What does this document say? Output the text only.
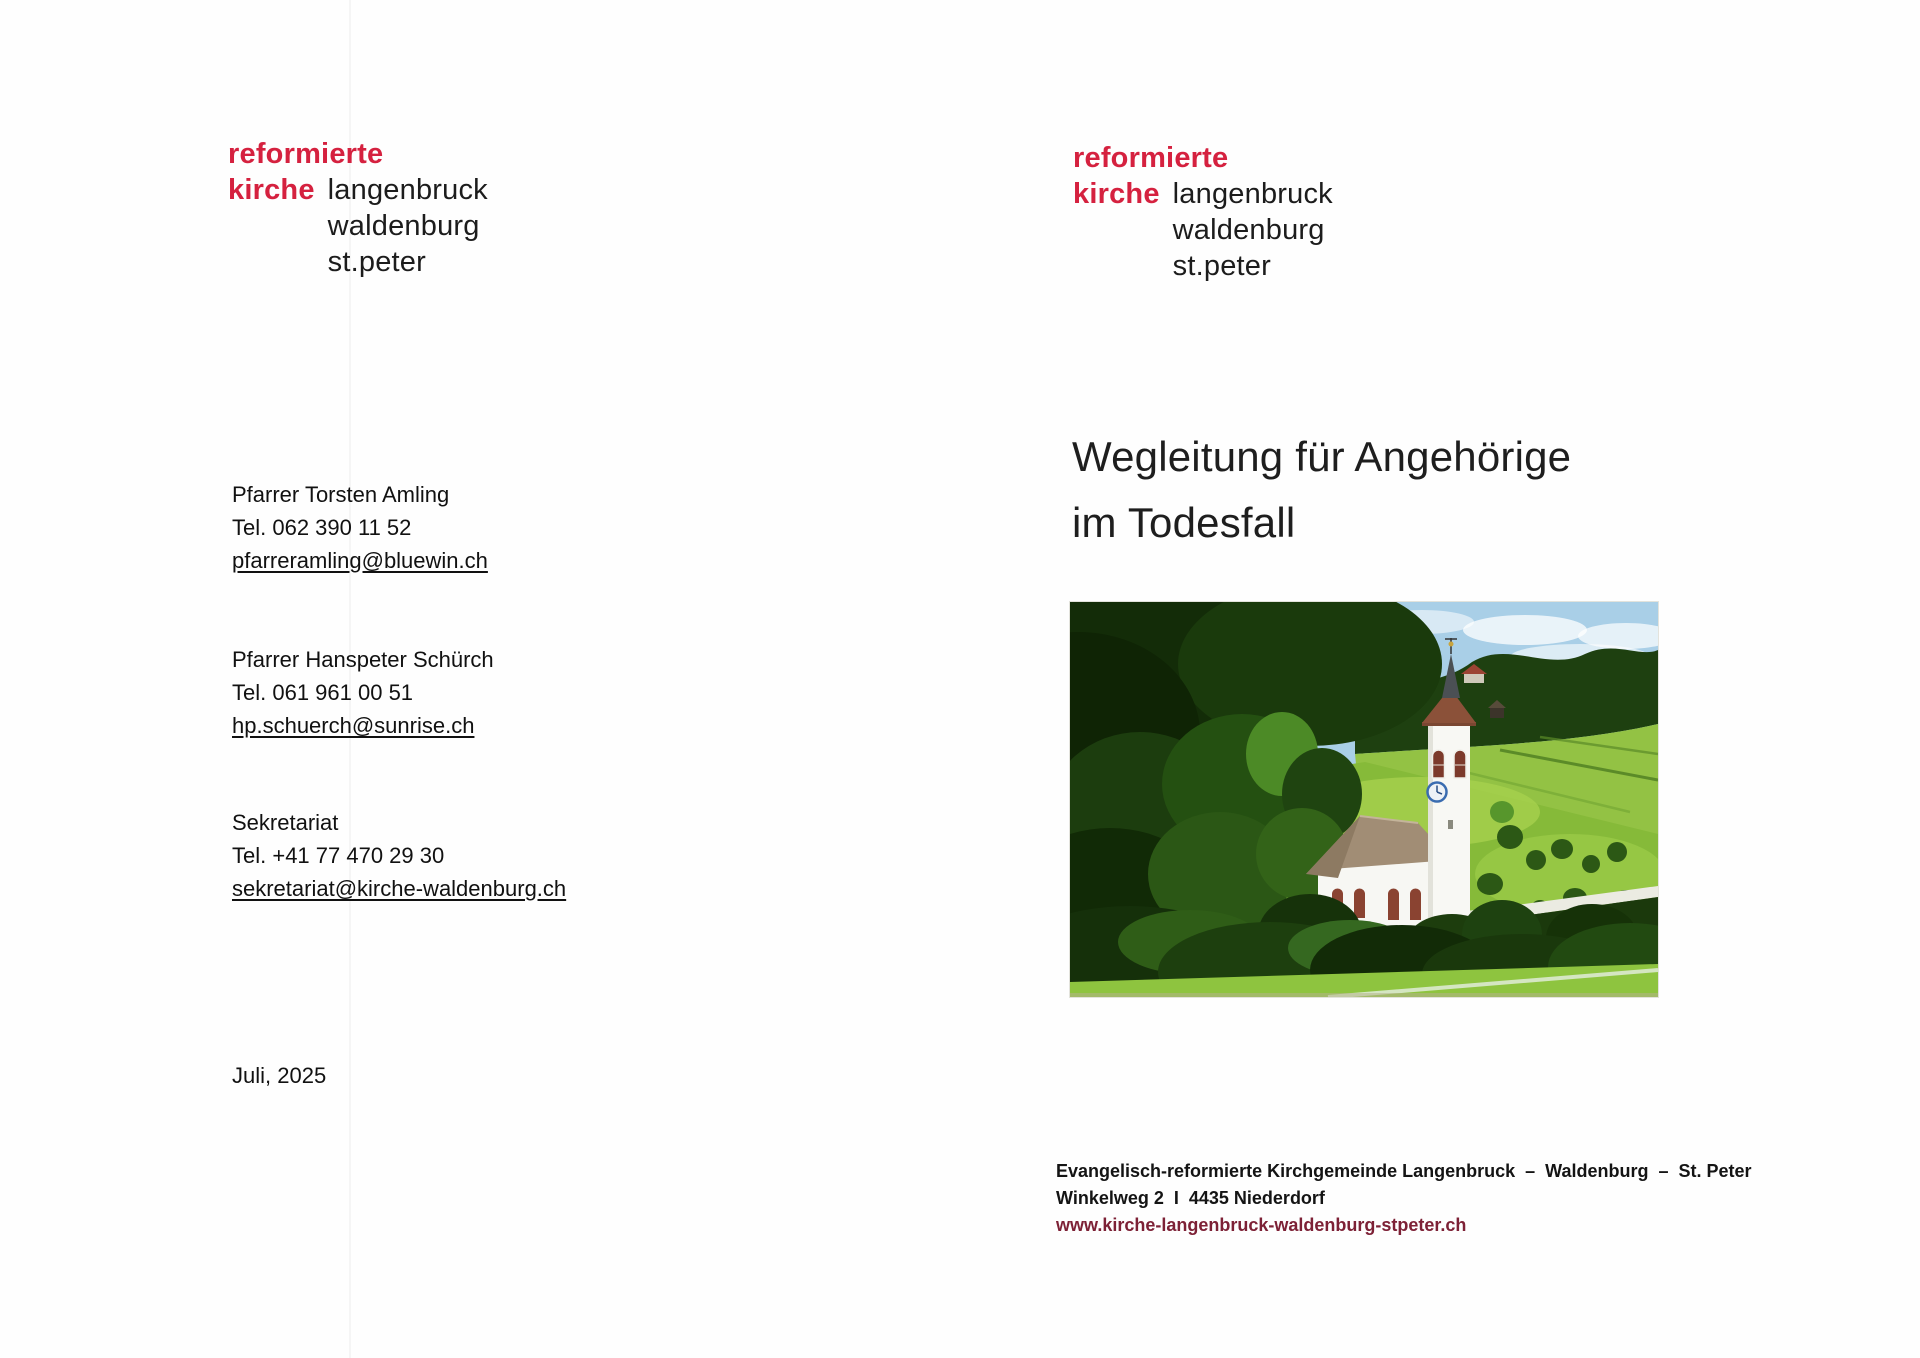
reformierte
kirche langenbruck
waldenburg
st.peter

Pfarrer Torsten Amling

Tel. 062 390 11 52

pfarreramling@bluewin.ch

Pfarrer Hanspeter Schürch

Tel. 061 961 00 51

hp.schuerch@sunrise.ch

Sekretariat

Tel. +41 77 470 29 30

sekretariat@kirche-waldenburg.ch

Juli, 2025

reformierte
kirche langenbruck
waldenburg
st.peter
Wegleitung für Angehörige
im Todesfall

Evangelisch-reformierte Kirchgemeinde Langenbruck  –  Waldenburg  –  St. Peter

Winkelweg 2  I  4435 Niederdorf

www.kirche-langenbruck-waldenburg-stpeter.ch
